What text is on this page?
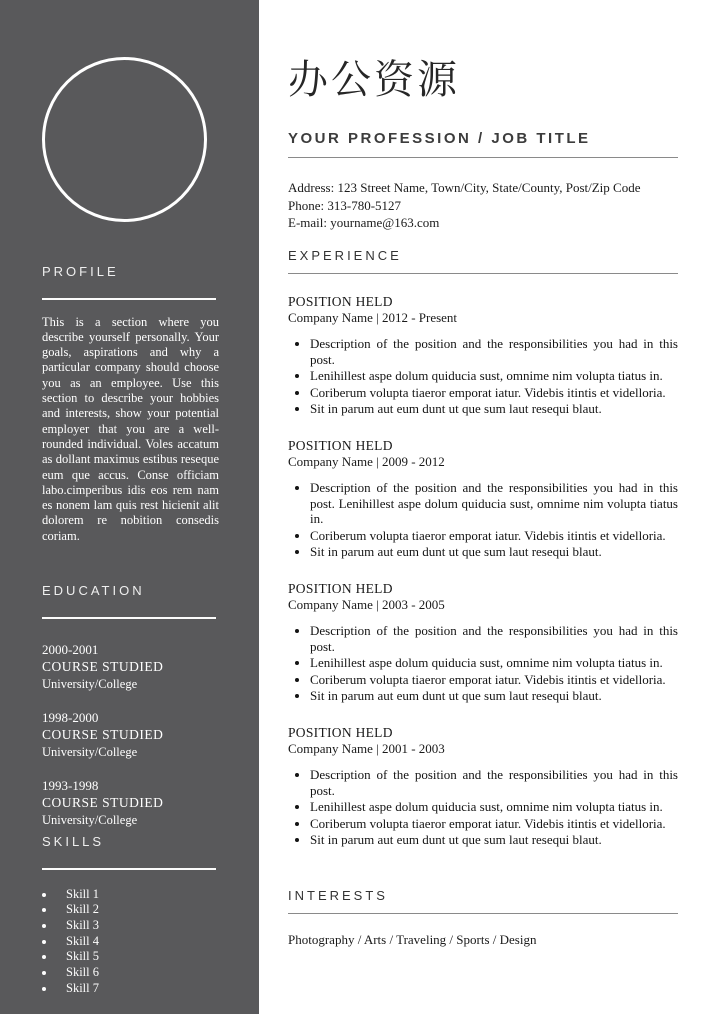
PROFILE

This is a section where you describe yourself personally. Your goals, aspirations and why a particular company should choose you as an employee. Use this section to describe your hobbies and interests, show your potential employer that you are a well-rounded individual. Voles accatum as dollant maximus estibus reseque eum que accus. Conse officiam labo.cimperibus idis eos rem nam es nonem lam quis rest hicienit alit dolorem re nobition consedis coriam.

EDUCATION
2000-2001
COURSE STUDIED
University/College
1998-2000
COURSE STUDIED
University/College
1993-1998
COURSE STUDIED
University/College
SKILLS
• Skill 1
• Skill 2
• Skill 3
• Skill 4
• Skill 5
• Skill 6
• Skill 7
办公资源
YOUR PROFESSION / JOB TITLE

Address: 123 Street Name, Town/City, State/County, Post/Zip Code

Phone: 313-780-5127

E-mail: yourname@163.com

EXPERIENCE

POSITION HELD

Company Name | 2012 - Present

• Description of the position and the responsibilities you had in this post.
• Lenihillest aspe dolum quiducia sust, omnime nim volupta tiatus in.
• Coriberum volupta tiaeror emporat iatur. Videbis itintis et videlloria.
• Sit in parum aut eum dunt ut que sum laut resequi blaut.

POSITION HELD

Company Name | 2009 - 2012

• Description of the position and the responsibilities you had in this post. Lenihillest aspe dolum quiducia sust, omnime nim volupta tiatus in.
• Coriberum volupta tiaeror emporat iatur. Videbis itintis et videlloria.
• Sit in parum aut eum dunt ut que sum laut resequi blaut.

POSITION HELD

Company Name | 2003 - 2005

• Description of the position and the responsibilities you had in this post.
• Lenihillest aspe dolum quiducia sust, omnime nim volupta tiatus in.
• Coriberum volupta tiaeror emporat iatur. Videbis itintis et videlloria.
• Sit in parum aut eum dunt ut que sum laut resequi blaut.

POSITION HELD

Company Name | 2001 - 2003

• Description of the position and the responsibilities you had in this post.
• Lenihillest aspe dolum quiducia sust, omnime nim volupta tiatus in.
• Coriberum volupta tiaeror emporat iatur. Videbis itintis et videlloria.
• Sit in parum aut eum dunt ut que sum laut resequi blaut.
INTERESTS

Photography / Arts / Traveling / Sports / Design
